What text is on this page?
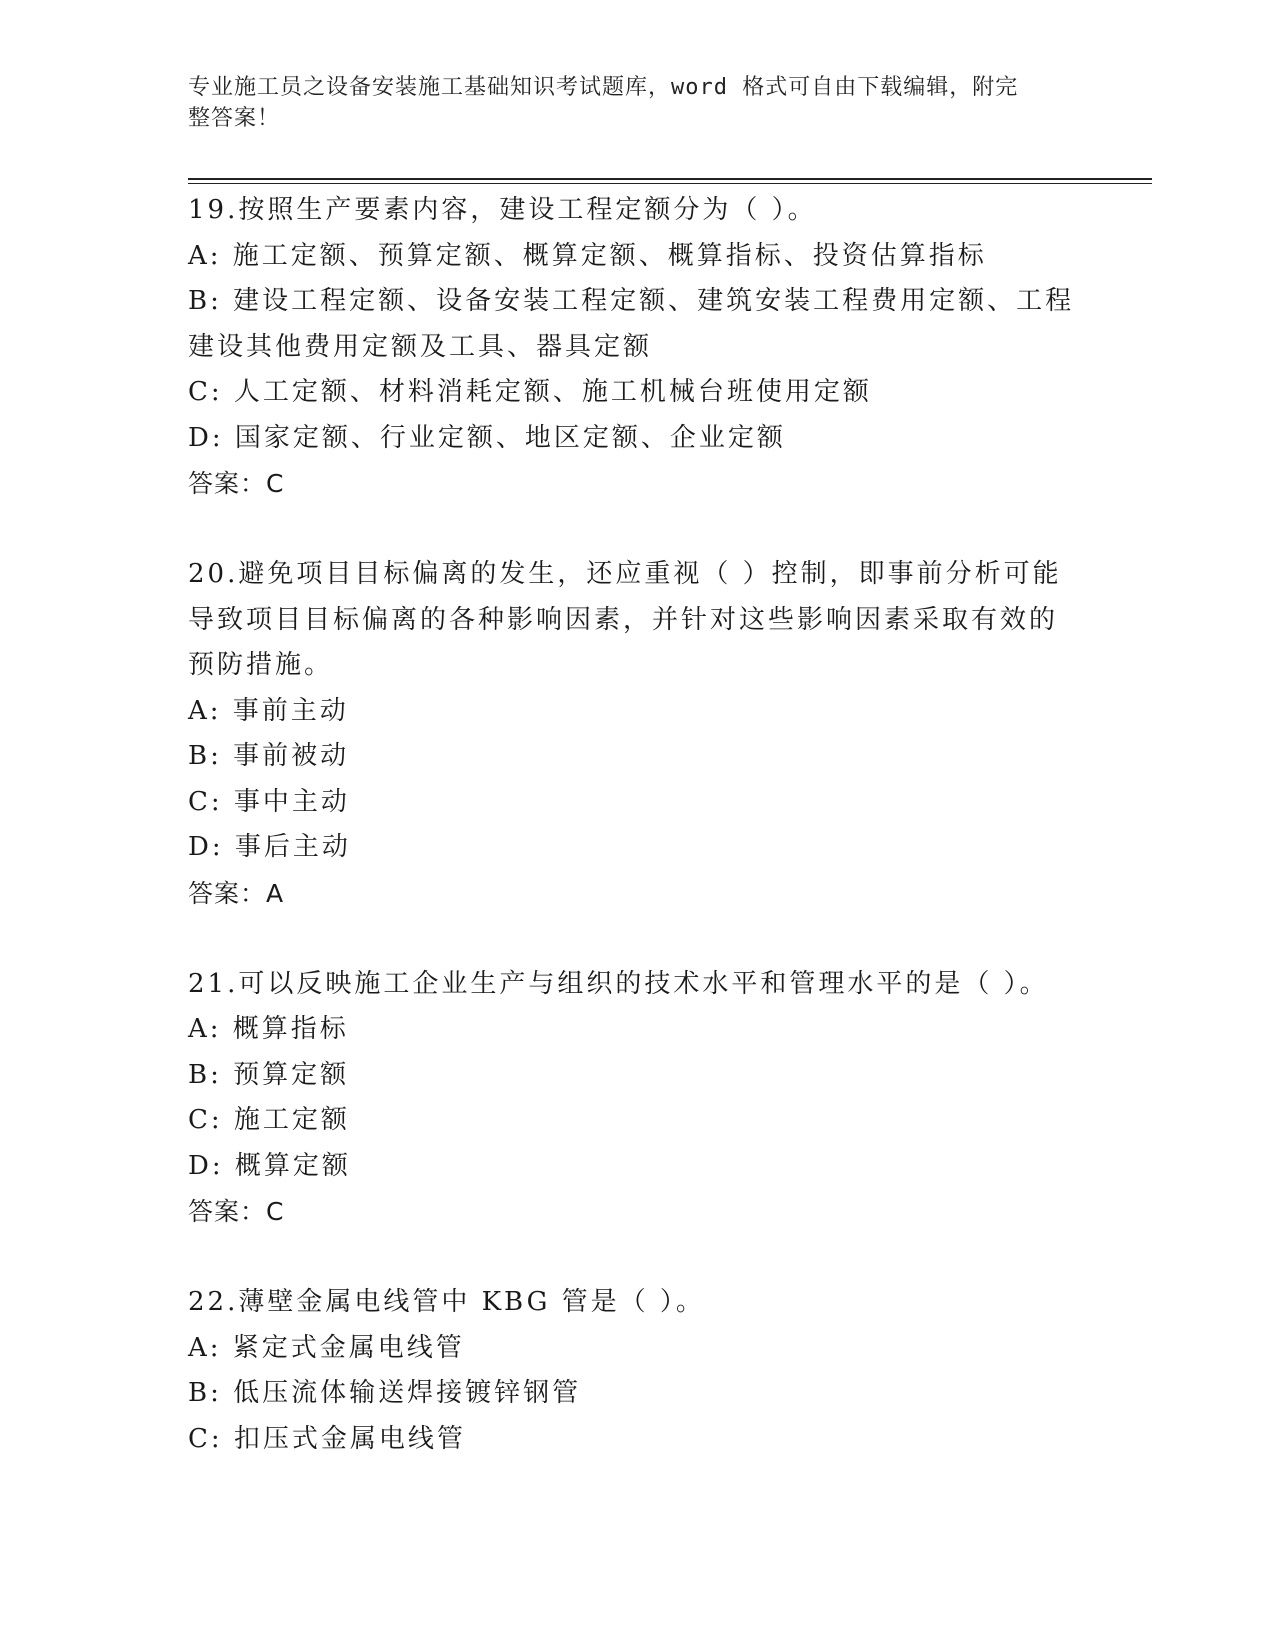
专业施工员之设备安装施工基础知识考试题库，word 格式可自由下载编辑，附完
整答案！
19.按照生产要素内容，建设工程定额分为（ ）。
A: 施工定额、预算定额、概算定额、概算指标、投资估算指标
B: 建设工程定额、设备安装工程定额、建筑安装工程费用定额、工程
建设其他费用定额及工具、器具定额
C: 人工定额、材料消耗定额、施工机械台班使用定额
D: 国家定额、行业定额、地区定额、企业定额
答案：C
20.避免项目目标偏离的发生，还应重视（ ）控制，即事前分析可能
导致项目目标偏离的各种影响因素，并针对这些影响因素采取有效的
预防措施。
A: 事前主动
B: 事前被动
C: 事中主动
D: 事后主动
答案：A
21.可以反映施工企业生产与组织的技术水平和管理水平的是（ ）。
A: 概算指标
B: 预算定额
C: 施工定额
D: 概算定额
答案：C
22.薄壁金属电线管中 KBG 管是（ ）。
A: 紧定式金属电线管
B: 低压流体输送焊接镀锌钢管
C: 扣压式金属电线管
